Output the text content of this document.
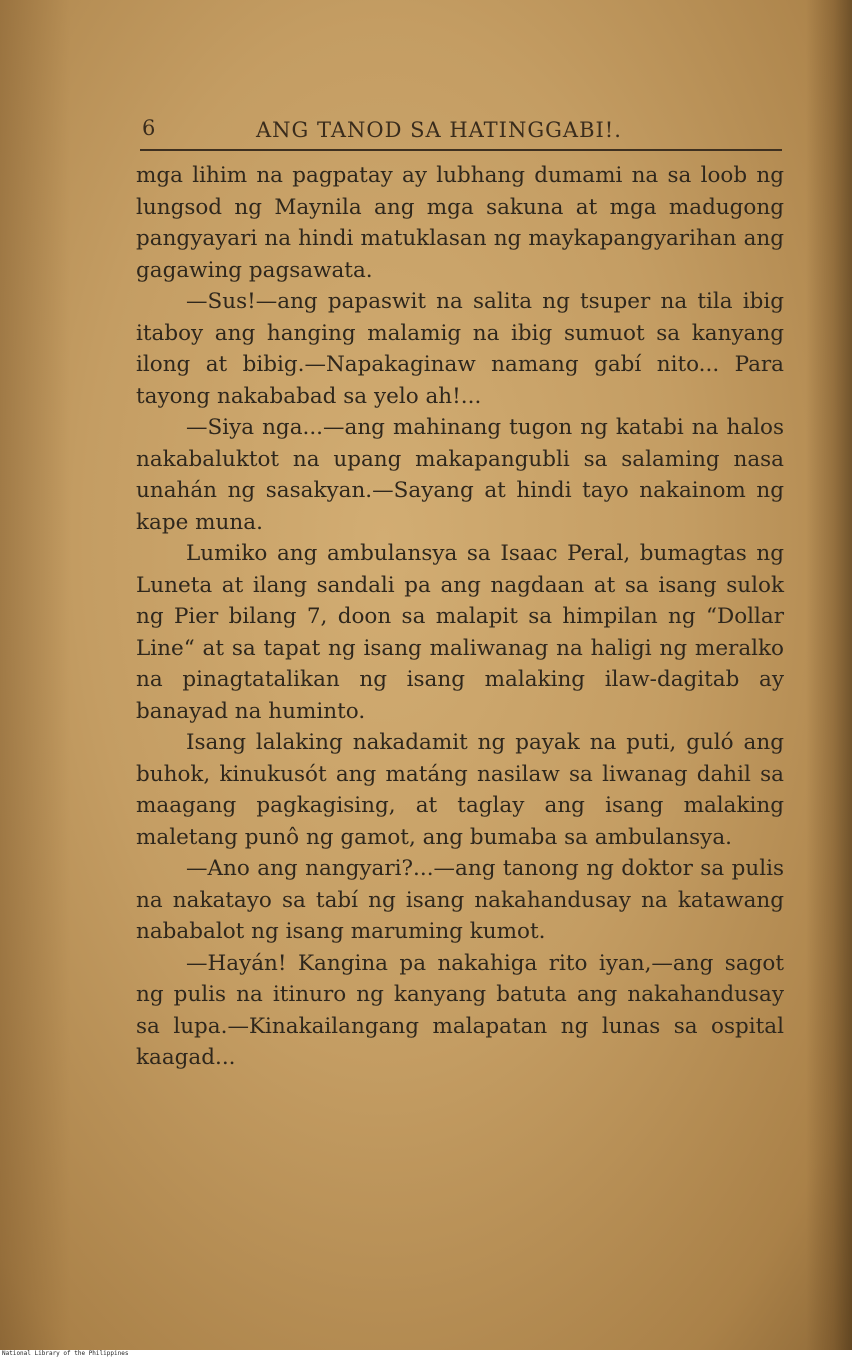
6	ANG TANOD SA HATINGGABI!.

mga lihim na pagpatay ay lubhang dumami na sa loob ng lungsod ng Maynila ang mga sakuna at mga madugong pangyayari na hindi matuklasan ng maykapangyarihan ang gagawing pagsawata.

—Sus!—ang papaswit na salita ng tsuper na tila ibig itaboy ang hanging malamig na ibig sumuot sa kanyang ilong at bibig.—Napakaginaw namang gabí nito... Para tayong nakababad sa yelo ah!...

—Siya nga...—ang mahinang tugon ng katabi na halos nakabaluktot na upang makapangubli sa salaming nasa unahán ng sasakyan.—Sayang at hindi tayo nakainom ng kape muna.

Lumiko ang ambulansya sa Isaac Peral, bumagtas ng Luneta at ilang sandali pa ang nagdaan at sa isang sulok ng Pier bilang 7, doon sa malapit sa himpilan ng “Dollar Line“ at sa tapat ng isang maliwanag na haligi ng meralko na pinagtatalikan ng isang malaking ilaw-dagitab ay banayad na huminto.

Isang lalaking nakadamit ng payak na puti, guló ang buhok, kinukusót ang matáng nasilaw sa liwanag dahil sa maagang pagkagising, at taglay ang isang malaking maletang punô ng gamot, ang bumaba sa ambulansya.

—Ano ang nangyari?...—ang tanong ng doktor sa pulis na nakatayo sa tabí ng isang nakahandusay na katawang nababalot ng isang maruming kumot.

—Hayán! Kangina pa nakahiga rito iyan,—ang sagot ng pulis na itinuro ng kanyang batuta ang nakahandusay sa lupa.—Kinakailangang malapatan ng lunas sa ospital kaagad...

National Library of the Philippines
